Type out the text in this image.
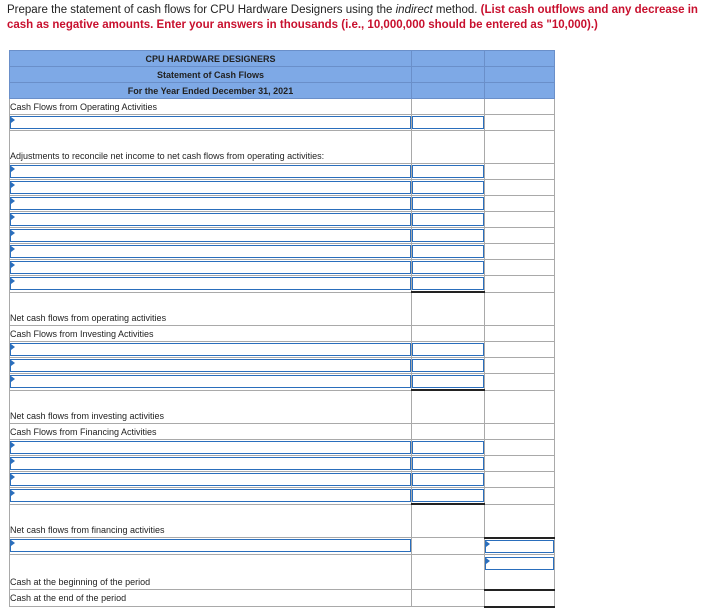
Prepare the statement of cash flows for CPU Hardware Designers using the indirect method. (List cash outflows and any decrease in cash as negative amounts. Enter your answers in thousands (i.e., 10,000,000 should be entered as "10,000).)
CPU HARDWARE DESIGNERS		
Statement of Cash Flows		
For the Year Ended December 31, 2021		
Cash Flows from Operating Activities		

Adjustments to reconcile net income to net cash flows from operating activities:		

Net cash flows from operating activities		
Cash Flows from Investing Activities		

Net cash flows from investing activities		
Cash Flows from Financing Activities		

Net cash flows from financing activities		

Cash at the beginning of the period		

Cash at the end of the period		
